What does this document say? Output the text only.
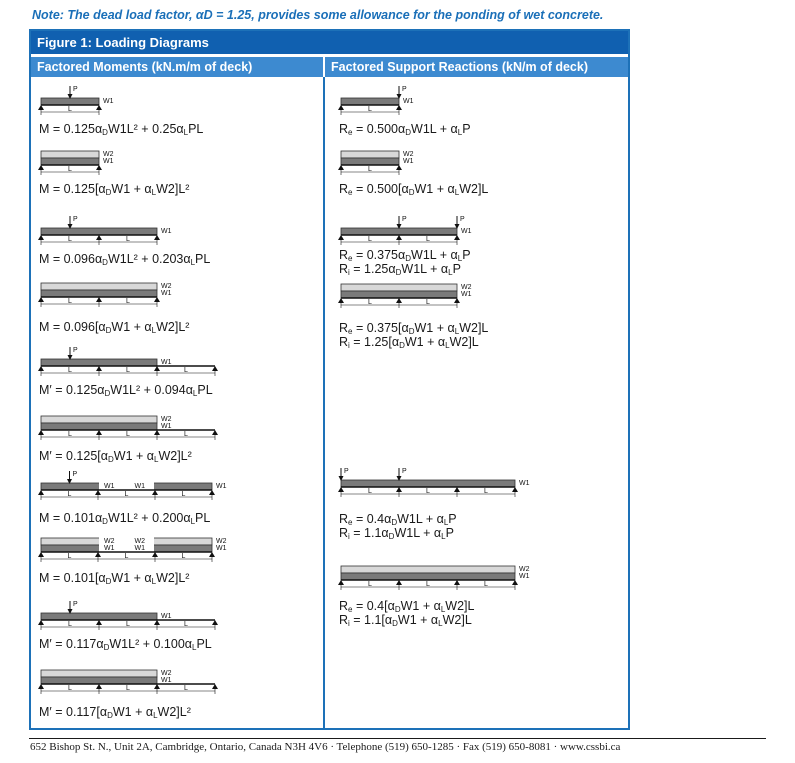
Note: The dead load factor, αD = 1.25, provides some allowance for the ponding of wet concrete.
Figure 1: Loading Diagrams
Factored Moments (kN.m/m of deck)	Factored Support Reactions (kN/m of deck)
L
W1
P
$M = 0.125\alpha_DW1L^2 + 0.25\alpha_LPL$
L
W2
W1
$M = 0.125[\alpha_DW1 + \alpha_LW2]L^2$
L	L
W1
P
$M = 0.096\alpha_DW1L^2 + 0.203\alpha_LPL$
L	L
W2
W1
$M = 0.096[\alpha_DW1 + \alpha_LW2]L^2$
L	L	L
W1
P
$M' = 0.125\alpha_DW1L^2 + 0.094\alpha_LPL$
L	L	L
W2
W1
$M' = 0.125[\alpha_DW1 + \alpha_LW2]L^2$
L	L	L
W1
W1	W1
P
$M = 0.101\alpha_DW1L^2 + 0.200\alpha_LPL$
L	L	L
W2
W1
W2
W1
W2
W1
$M = 0.101[\alpha_DW1 + \alpha_LW2]L^2$
L	L	L
W1
P
$M' = 0.117\alpha_DW1L^2 + 0.100\alpha_LPL$
L	L	L
W2
W1
$M' = 0.117[\alpha_DW1 + \alpha_LW2]L^2$
L
W1
P
$R_e = 0.500\alpha_DW1L + \alpha_LP$
L
W2
W1
$R_e = 0.500[\alpha_DW1 + \alpha_LW2]L$
L	L
W1
P	P
$R_e = 0.375\alpha_DW1L + \alpha_LP$
$R_i = 1.25\alpha_DW1L + \alpha_LP$
L	L
W2
W1
$R_e = 0.375[\alpha_DW1 + \alpha_LW2]L$
$R_i = 1.25[\alpha_DW1 + \alpha_LW2]L$
L	L	L
W1
P	P
$R_e = 0.4\alpha_DW1L + \alpha_LP$
$R_i = 1.1\alpha_DW1L + \alpha_LP$
L	L	L
W2
W1
$R_e = 0.4[\alpha_DW1 + \alpha_LW2]L$
$R_i = 1.1[\alpha_DW1 + \alpha_LW2]L$
652 Bishop St. N., Unit 2A, Cambridge, Ontario, Canada N3H 4V6 · Telephone (519) 650-1285 · Fax (519) 650-8081 · www.cssbi.ca
